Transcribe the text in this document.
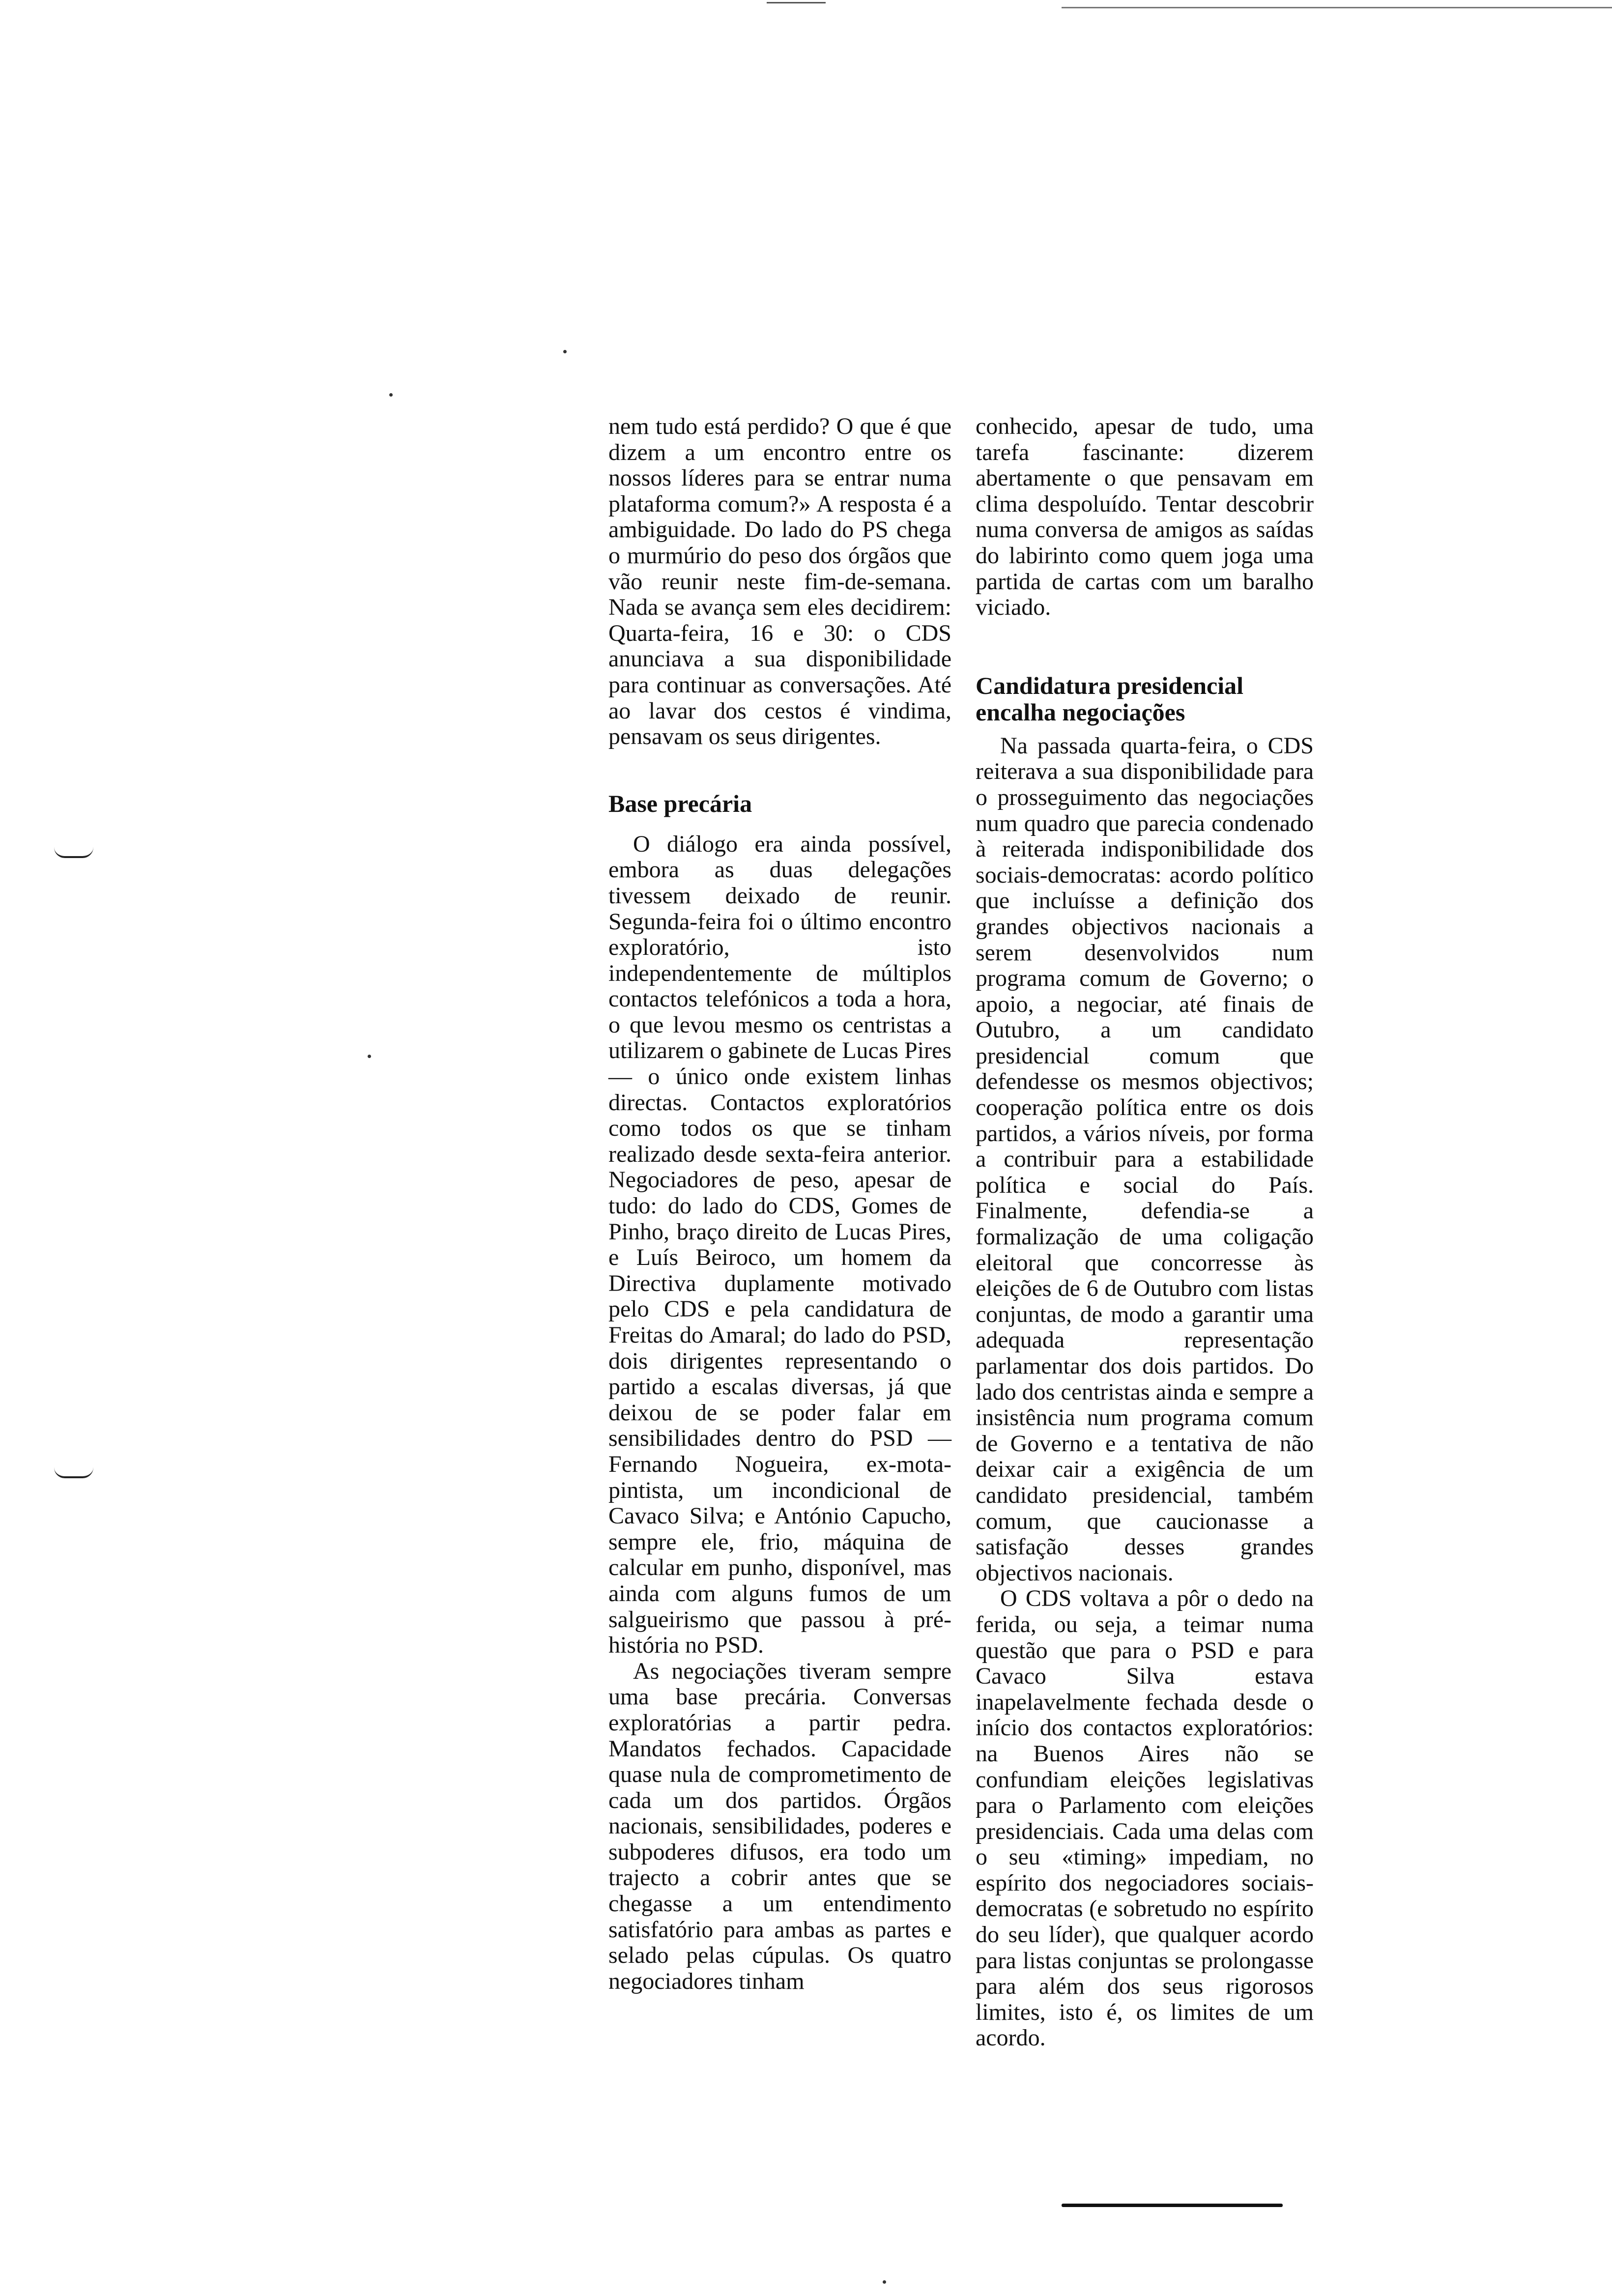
nem tudo está perdido? O que é que dizem a um encontro entre os nossos líderes para se entrar numa plataforma comum?» A resposta é a ambiguidade. Do lado do PS chega o murmúrio do peso dos órgãos que vão reunir neste fim-de-semana. Nada se avança sem eles decidirem: Quarta-feira, 16 e 30: o CDS anunciava a sua disponibilidade para continuar as conversações. Até ao lavar dos cestos é vindima, pensavam os seus dirigentes.

Base precária

O diálogo era ainda possível, embora as duas delegações tivessem deixado de reunir. Segunda-feira foi o último encontro exploratório, isto independentemente de múltiplos contactos telefónicos a toda a hora, o que levou mesmo os centristas a utilizarem o gabinete de Lucas Pires — o único onde existem linhas directas. Contactos exploratórios como todos os que se tinham realizado desde sexta-feira anterior. Negociadores de peso, apesar de tudo: do lado do CDS, Gomes de Pinho, braço direito de Lucas Pires, e Luís Beiroco, um homem da Directiva duplamente motivado pelo CDS e pela candidatura de Freitas do Amaral; do lado do PSD, dois dirigentes representando o partido a escalas diversas, já que deixou de se poder falar em sensibilidades dentro do PSD — Fernando Nogueira, ex-mota-pintista, um incondicional de Cavaco Silva; e António Capucho, sempre ele, frio, máquina de calcular em punho, disponível, mas ainda com alguns fumos de um salgueirismo que passou à pré-história no PSD.

As negociações tiveram sempre uma base precária. Conversas exploratórias a partir pedra. Mandatos fechados. Capacidade quase nula de comprometimento de cada um dos partidos. Órgãos nacionais, sensibilidades, poderes e subpoderes difusos, era todo um trajecto a cobrir antes que se chegasse a um entendimento satisfatório para ambas as partes e selado pelas cúpulas. Os quatro negociadores tinham

conhecido, apesar de tudo, uma tarefa fascinante: dizerem abertamente o que pensavam em clima despoluído. Tentar descobrir numa conversa de amigos as saídas do labirinto como quem joga uma partida de cartas com um baralho viciado.

Candidatura presidencial
encalha negociações

Na passada quarta-feira, o CDS reiterava a sua disponibilidade para o prosseguimento das negociações num quadro que parecia condenado à reiterada indisponibilidade dos sociais-democratas: acordo político que incluísse a definição dos grandes objectivos nacionais a serem desenvolvidos num programa comum de Governo; o apoio, a negociar, até finais de Outubro, a um candidato presidencial comum que defendesse os mesmos objectivos; cooperação política entre os dois partidos, a vários níveis, por forma a contribuir para a estabilidade política e social do País. Finalmente, defendia-se a formalização de uma coligação eleitoral que concorresse às eleições de 6 de Outubro com listas conjuntas, de modo a garantir uma adequada representação parlamentar dos dois partidos. Do lado dos centristas ainda e sempre a insistência num programa comum de Governo e a tentativa de não deixar cair a exigência de um candidato presidencial, também comum, que caucionasse a satisfação desses grandes objectivos nacionais.

O CDS voltava a pôr o dedo na ferida, ou seja, a teimar numa questão que para o PSD e para Cavaco Silva estava inapelavelmente fechada desde o início dos contactos exploratórios: na Buenos Aires não se confundiam eleições legislativas para o Parlamento com eleições presidenciais. Cada uma delas com o seu «timing» impediam, no espírito dos negociadores sociais-democratas (e sobretudo no espírito do seu líder), que qualquer acordo para listas conjuntas se prolongasse para além dos seus rigorosos limites, isto é, os limites de um acordo.
